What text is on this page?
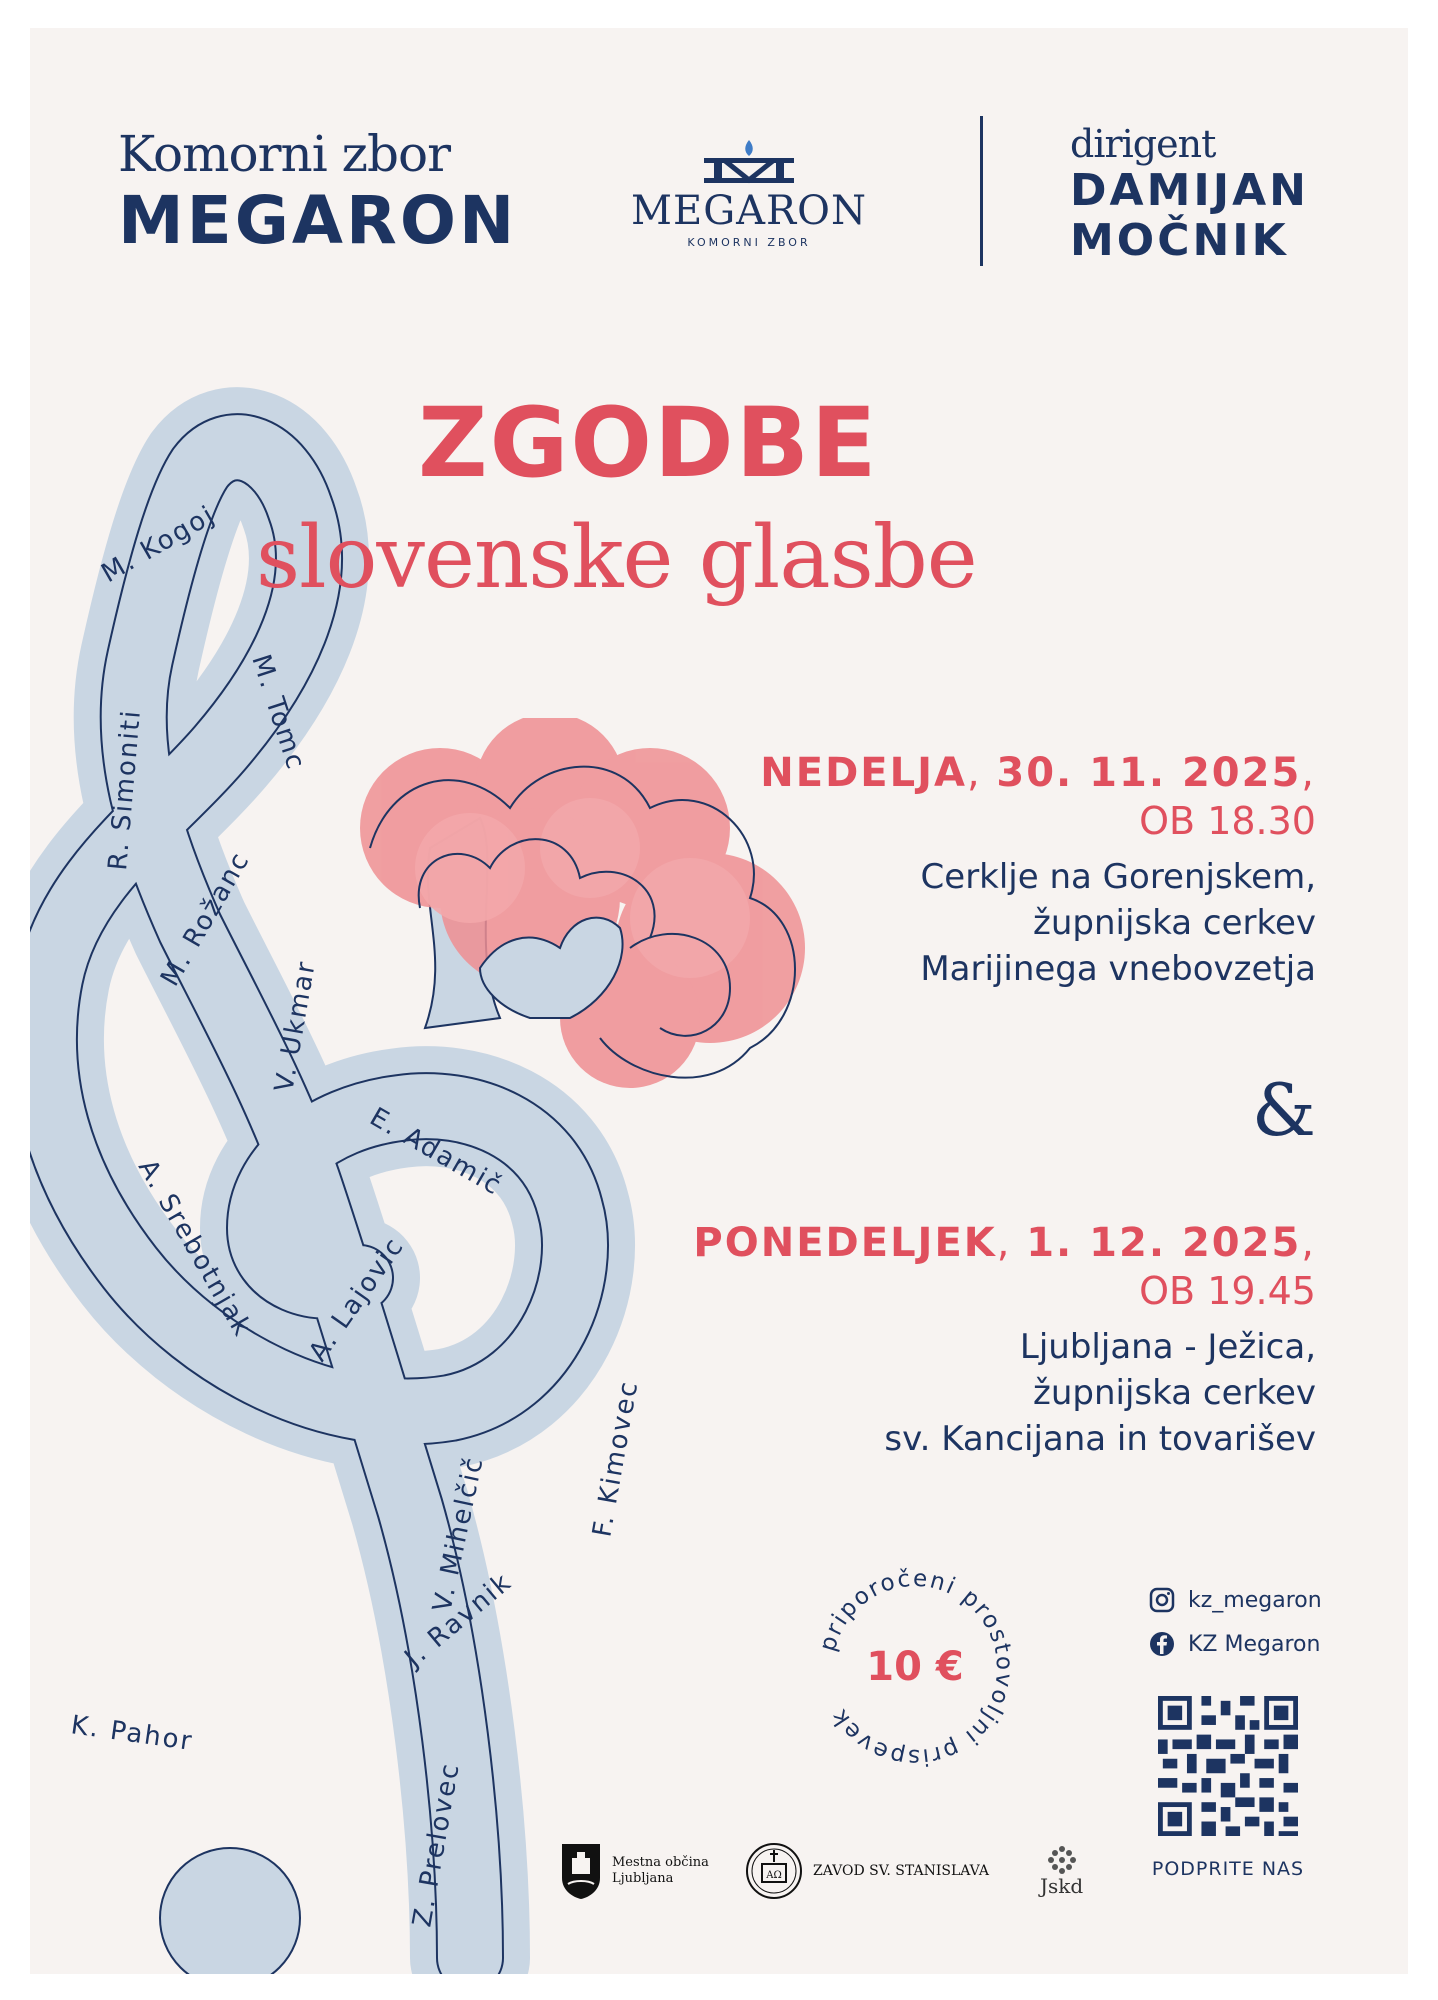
M. Kogoj
M. Tomc
R. Simoniti
M. Rožanc
V. Ukmar
E. Adamič
A. Srebotnjak A. Lajovic
F. Kimovec
V. Mihelčič
J. Ravnik
K. Pahor
Z. Prelovec
Komorni zbor
MEGARON	MEGARON
KOMORNI ZBOR
dirigent
DAMIJAN
MOČNIK
ZGODBE
slovenske glasbe
NEDELJA, 30. 11. 2025,
OB 18.30
Cerklje na Gorenjskem,
župnijska cerkev
Marijinega vnebovzetja
&
PONEDELJEK, 1. 12. 2025,
OB 19.45
Ljubljana - Ježica,
župnijska cerkev
sv. Kancijana in tovarišev
priporočeni prostovoljni prispevek
10 €
kz_megaron
KZ Megaron
PODPRITE NAS
Mestna občina
Ljubljana	AΩ ZAVOD SV. STANISLAVA
Jskd
